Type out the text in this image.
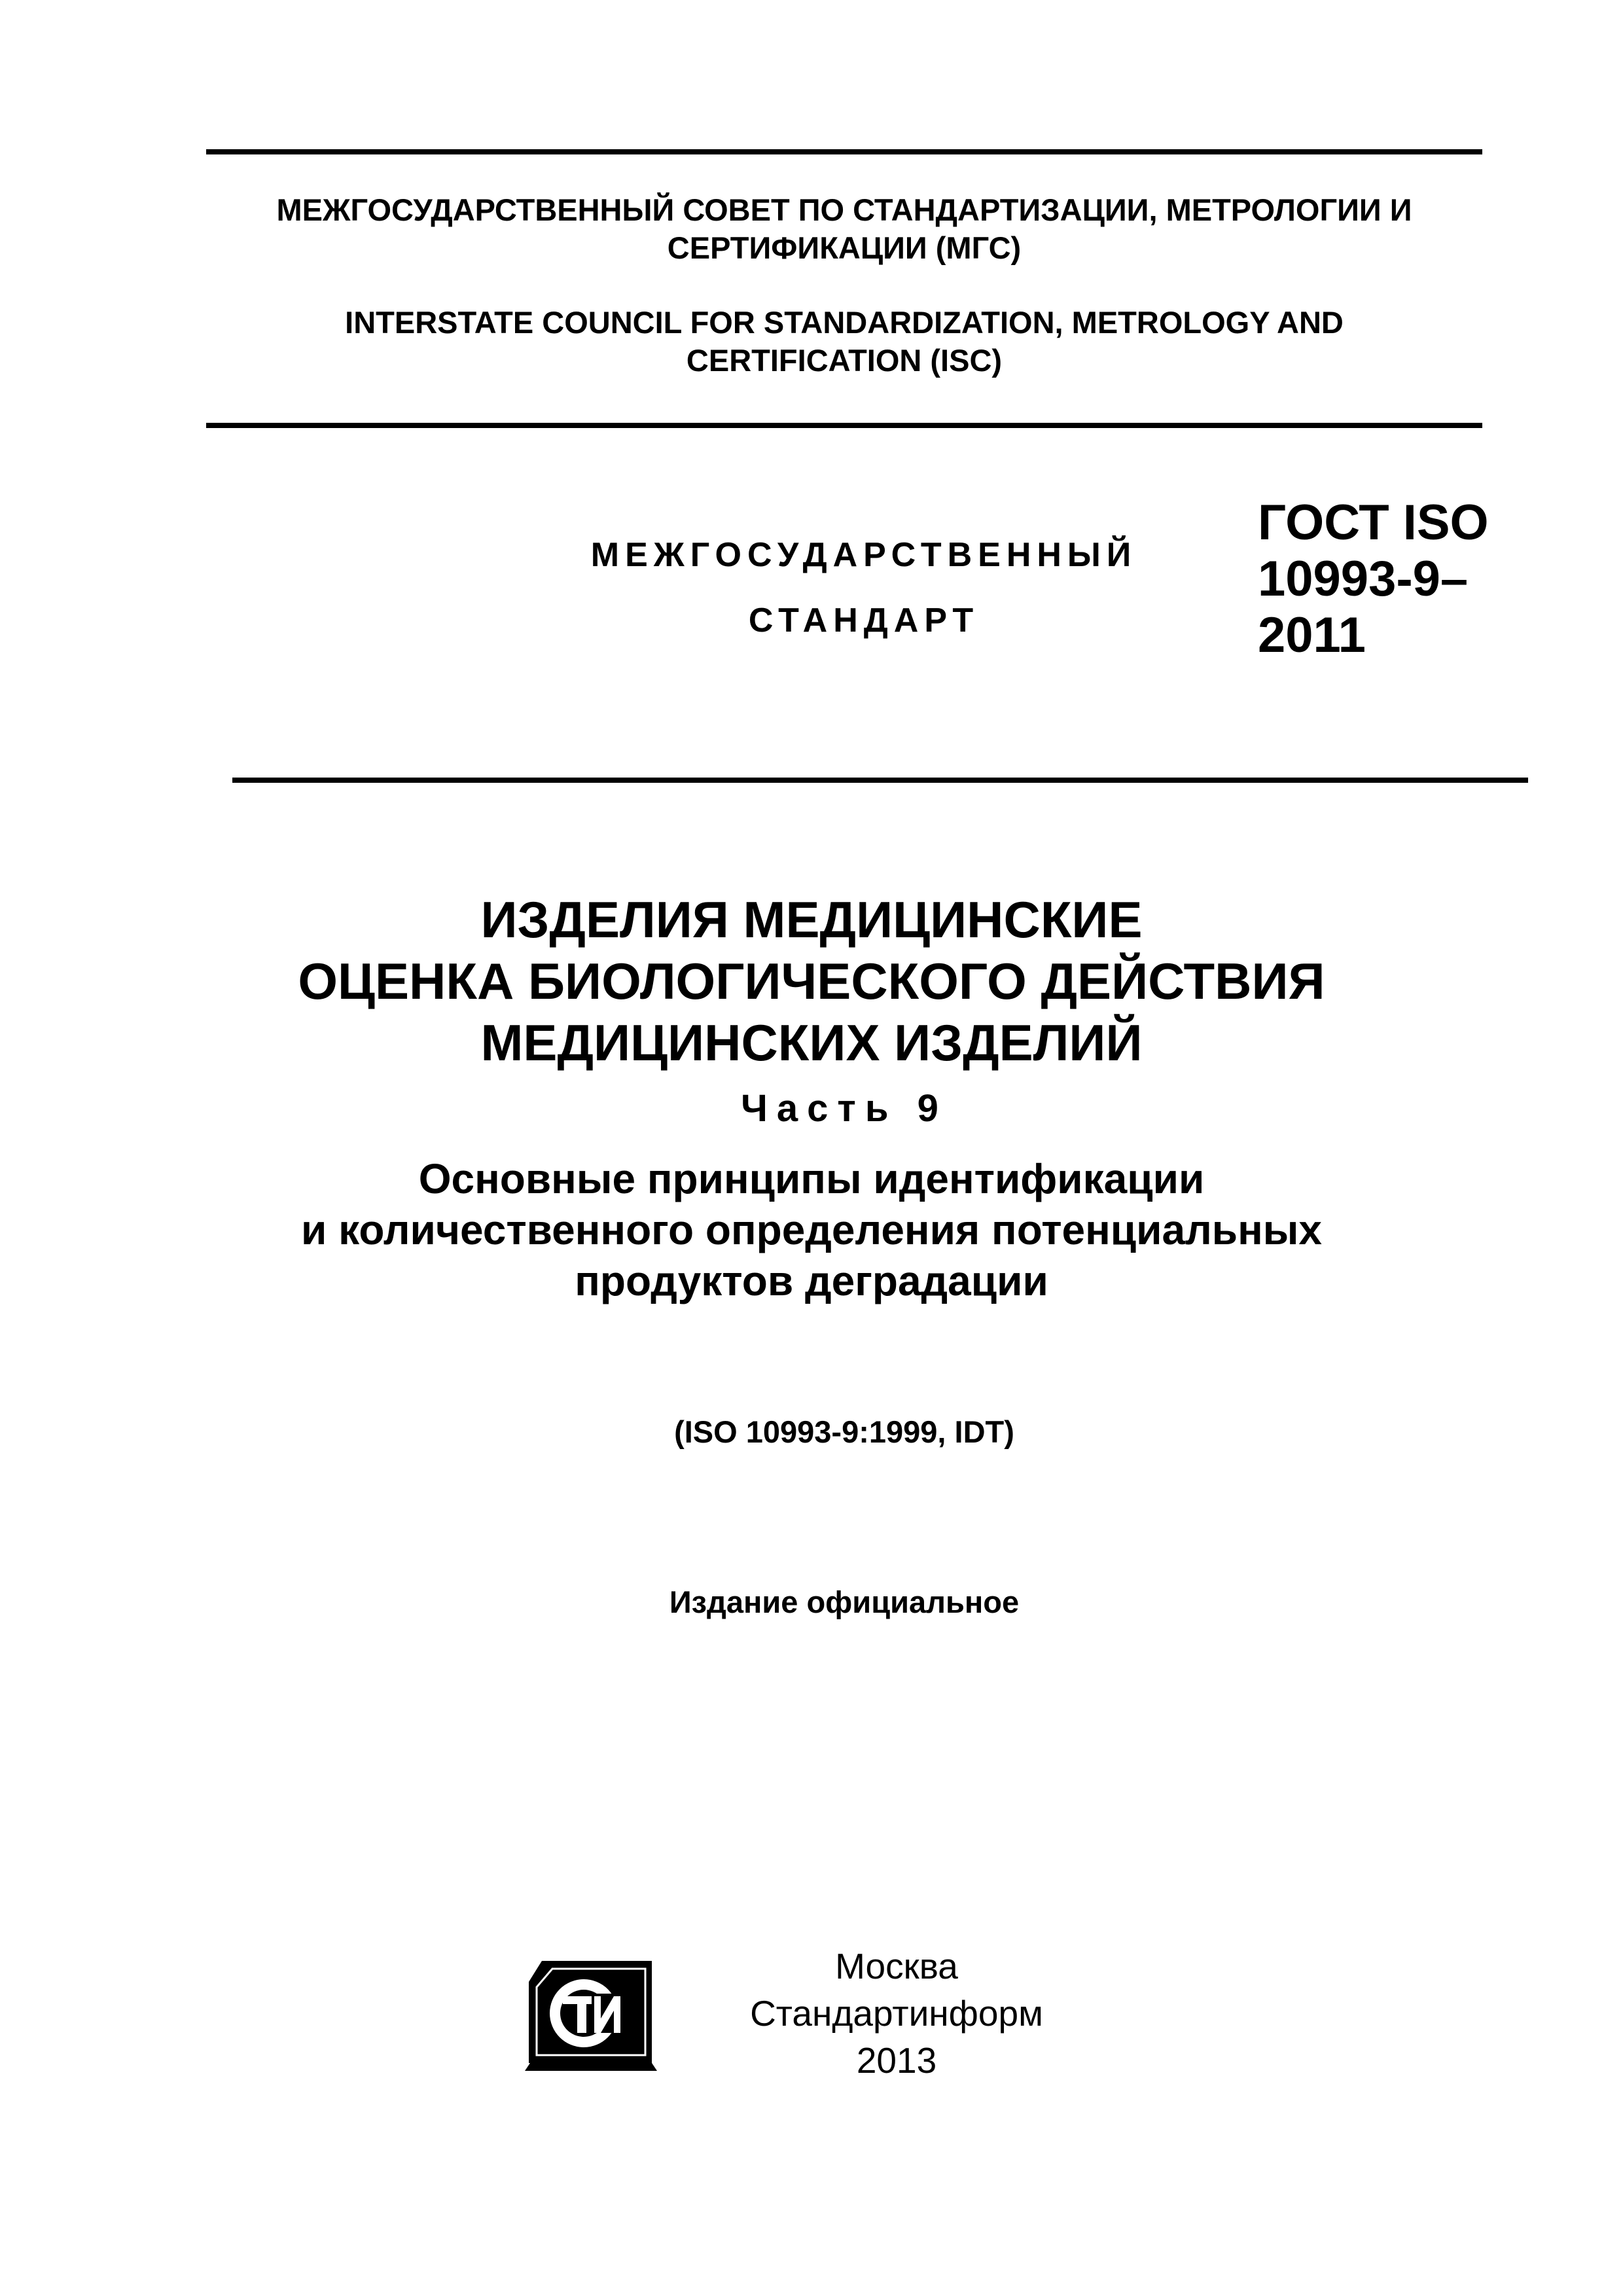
МЕЖГОСУДАРСТВЕННЫЙ СОВЕТ ПО СТАНДАРТИЗАЦИИ, МЕТРОЛОГИИ И
СЕРТИФИКАЦИИ (МГС)
INTERSTATE COUNCIL FOR STANDARDIZATION, METROLOGY AND
CERTIFICATION (ISC)
МЕЖГОСУДАРСТВЕННЫЙ
СТАНДАРТ
ГОСТ ISO
10993-9–
2011
ИЗДЕЛИЯ МЕДИЦИНСКИЕ
ОЦЕНКА БИОЛОГИЧЕСКОГО ДЕЙСТВИЯ
МЕДИЦИНСКИХ ИЗДЕЛИЙ
Часть 9
Основные принципы идентификации
и количественного определения потенциальных
продуктов деградации
(ISO 10993-9:1999, IDT)
Издание официальное
Москва
Стандартинформ
2013
